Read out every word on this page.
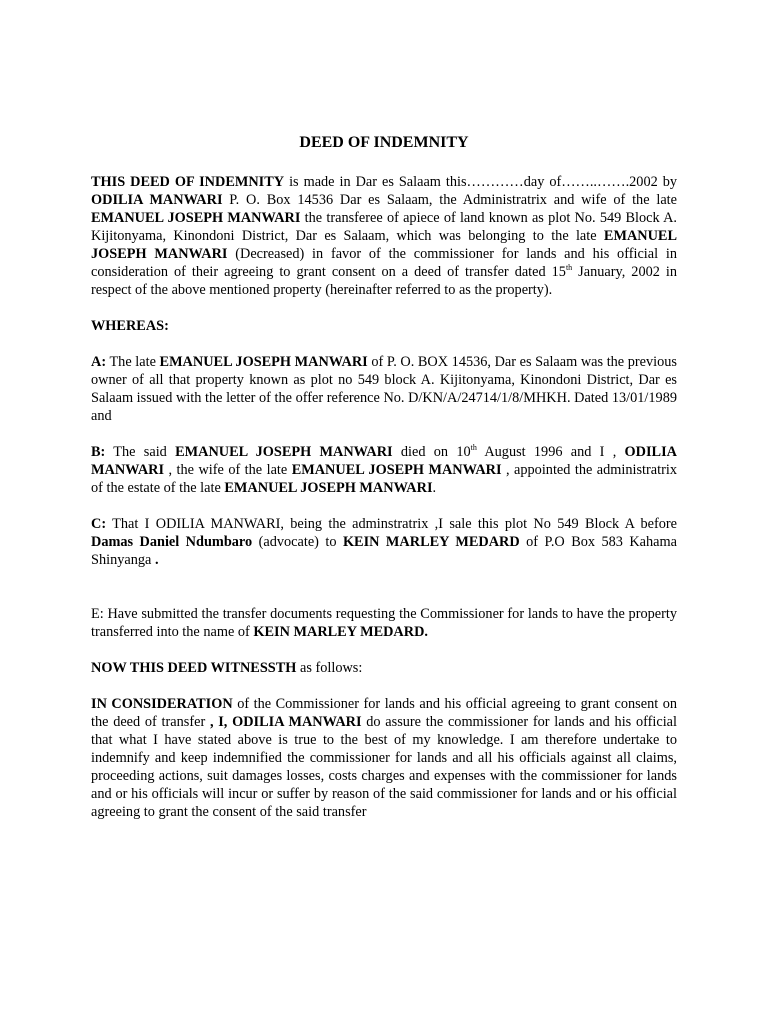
DEED OF INDEMNITY

THIS DEED OF INDEMNITY is made in Dar es Salaam this…………day of……..…….2002 by ODILIA MANWARI P. O. Box 14536 Dar es Salaam, the Administratrix and wife of the late EMANUEL JOSEPH MANWARI the transferee of apiece of land known as plot No. 549 Block A. Kijitonyama, Kinondoni District, Dar es Salaam, which was belonging to the late EMANUEL JOSEPH MANWARI (Decreased) in favor of the commissioner for lands and his official in consideration of their agreeing to grant consent on a deed of transfer dated 15th January, 2002 in respect of the above mentioned property (hereinafter referred to as the property).

WHEREAS:

A: The late EMANUEL JOSEPH MANWARI of P. O. BOX 14536, Dar es Salaam was the previous owner of all that property known as plot no 549 block A. Kijitonyama, Kinondoni District, Dar es Salaam issued with the letter of the offer reference No. D/KN/A/24714/1/8/MHKH. Dated 13/01/1989 and

B: The said EMANUEL JOSEPH MANWARI died on 10th August 1996 and I , ODILIA MANWARI , the wife of the late EMANUEL JOSEPH MANWARI , appointed the administratrix of the estate of the late EMANUEL JOSEPH MANWARI.

C: That I ODILIA MANWARI, being the adminstratrix ,I sale this plot No 549 Block A before Damas Daniel Ndumbaro (advocate) to KEIN MARLEY MEDARD of P.O Box 583 Kahama Shinyanga .

E: Have submitted the transfer documents requesting the Commissioner for lands to have the property transferred into the name of KEIN MARLEY MEDARD.

NOW THIS DEED WITNESSTH as follows:

IN CONSIDERATION of the Commissioner for lands and his official agreeing to grant consent on the deed of transfer , I, ODILIA MANWARI do assure the commissioner for lands and his official that what I have stated above is true to the best of my knowledge. I am therefore undertake to indemnify and keep indemnified the commissioner for lands and all his officials against all claims, proceeding actions, suit damages losses, costs charges and expenses with the commissioner for lands and or his officials will incur or suffer by reason of the said commissioner for lands and or his official agreeing to grant the consent of the said transfer
